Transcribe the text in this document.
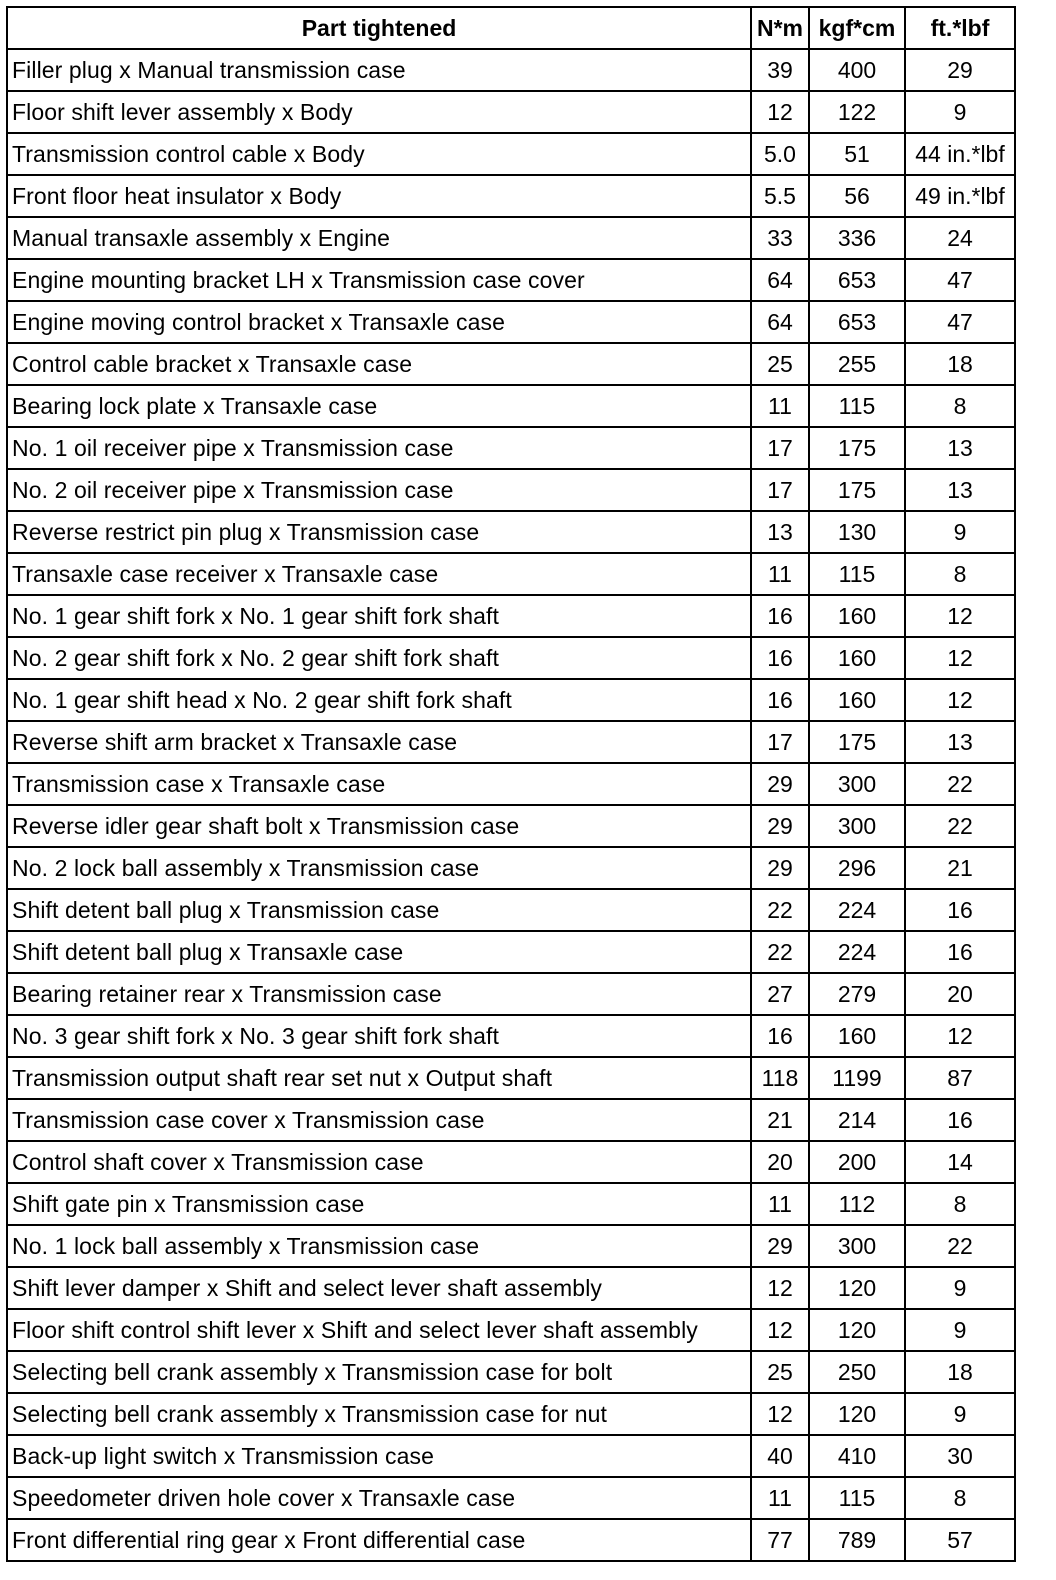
Part tightened	N*m	kgf*cm	ft.*lbf
Filler plug x Manual transmission case	39	400	29
Floor shift lever assembly x Body	12	122	9
Transmission control cable x Body	5.0	51	44 in.*lbf
Front floor heat insulator x Body	5.5	56	49 in.*lbf
Manual transaxle assembly x Engine	33	336	24
Engine mounting bracket LH x Transmission case cover	64	653	47
Engine moving control bracket x Transaxle case	64	653	47
Control cable bracket x Transaxle case	25	255	18
Bearing lock plate x Transaxle case	11	115	8
No. 1 oil receiver pipe x Transmission case	17	175	13
No. 2 oil receiver pipe x Transmission case	17	175	13
Reverse restrict pin plug x Transmission case	13	130	9
Transaxle case receiver x Transaxle case	11	115	8
No. 1 gear shift fork x No. 1 gear shift fork shaft	16	160	12
No. 2 gear shift fork x No. 2 gear shift fork shaft	16	160	12
No. 1 gear shift head x No. 2 gear shift fork shaft	16	160	12
Reverse shift arm bracket x Transaxle case	17	175	13
Transmission case x Transaxle case	29	300	22
Reverse idler gear shaft bolt x Transmission case	29	300	22
No. 2 lock ball assembly x Transmission case	29	296	21
Shift detent ball plug x Transmission case	22	224	16
Shift detent ball plug x Transaxle case	22	224	16
Bearing retainer rear x Transmission case	27	279	20
No. 3 gear shift fork x No. 3 gear shift fork shaft	16	160	12
Transmission output shaft rear set nut x Output shaft	118	1199	87
Transmission case cover x Transmission case	21	214	16
Control shaft cover x Transmission case	20	200	14
Shift gate pin x Transmission case	11	112	8
No. 1 lock ball assembly x Transmission case	29	300	22
Shift lever damper x Shift and select lever shaft assembly	12	120	9
Floor shift control shift lever x Shift and select lever shaft assembly	12	120	9
Selecting bell crank assembly x Transmission case for bolt	25	250	18
Selecting bell crank assembly x Transmission case for nut	12	120	9
Back-up light switch x Transmission case	40	410	30
Speedometer driven hole cover x Transaxle case	11	115	8
Front differential ring gear x Front differential case	77	789	57
